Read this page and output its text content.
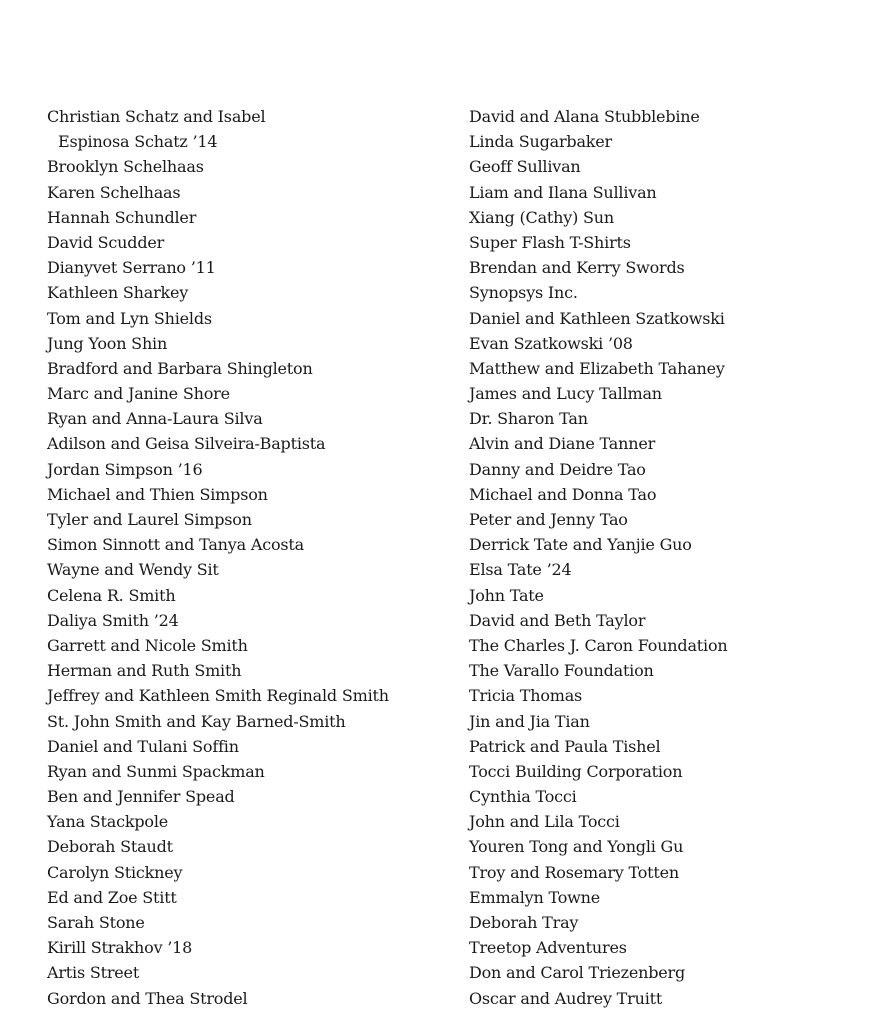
Christian Schatz and Isabel
Espinosa Schatz ’14
Brooklyn Schelhaas
Karen Schelhaas
Hannah Schundler
David Scudder
Dianyvet Serrano ’11
Kathleen Sharkey
Tom and Lyn Shields
Jung Yoon Shin
Bradford and Barbara Shingleton
Marc and Janine Shore
Ryan and Anna-Laura Silva
Adilson and Geisa Silveira-Baptista
Jordan Simpson ’16
Michael and Thien Simpson
Tyler and Laurel Simpson
Simon Sinnott and Tanya Acosta
Wayne and Wendy Sit
Celena R. Smith
Daliya Smith ’24
Garrett and Nicole Smith
Herman and Ruth Smith
Jeffrey and Kathleen Smith Reginald Smith
St. John Smith and Kay Barned-Smith
Daniel and Tulani Soffin
Ryan and Sunmi Spackman
Ben and Jennifer Spead
Yana Stackpole
Deborah Staudt
Carolyn Stickney
Ed and Zoe Stitt
Sarah Stone
Kirill Strakhov ’18
Artis Street
Gordon and Thea Strodel
David and Alana Stubblebine
Linda Sugarbaker
Geoff Sullivan
Liam and Ilana Sullivan
Xiang (Cathy) Sun
Super Flash T-Shirts
Brendan and Kerry Swords
Synopsys Inc.
Daniel and Kathleen Szatkowski
Evan Szatkowski ’08
Matthew and Elizabeth Tahaney
James and Lucy Tallman
Dr. Sharon Tan
Alvin and Diane Tanner
Danny and Deidre Tao
Michael and Donna Tao
Peter and Jenny Tao
Derrick Tate and Yanjie Guo
Elsa Tate ’24
John Tate
David and Beth Taylor
The Charles J. Caron Foundation
The Varallo Foundation
Tricia Thomas
Jin and Jia Tian
Patrick and Paula Tishel
Tocci Building Corporation
Cynthia Tocci
John and Lila Tocci
Youren Tong and Yongli Gu
Troy and Rosemary Totten
Emmalyn Towne
Deborah Tray
Treetop Adventures
Don and Carol Triezenberg
Oscar and Audrey Truitt
